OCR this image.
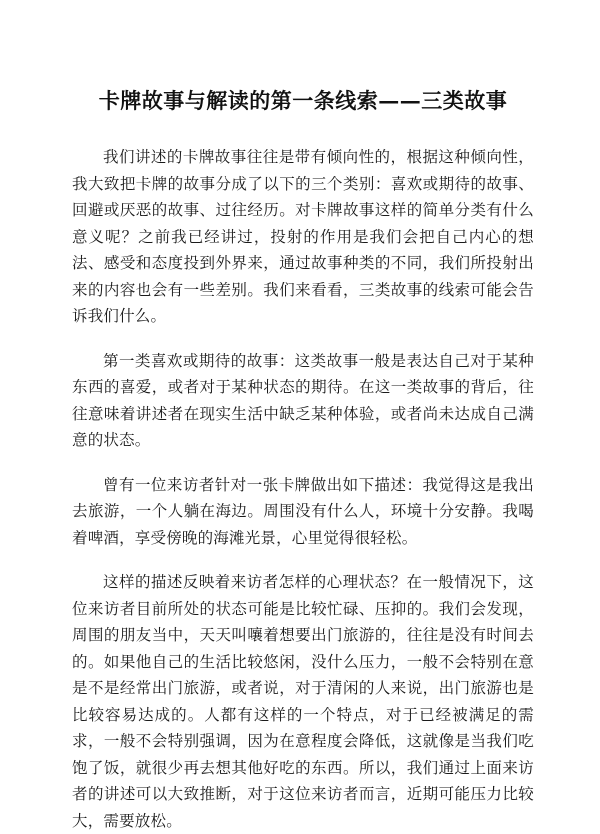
卡牌故事与解读的第一条线索——三类故事

我们讲述的卡牌故事往往是带有倾向性的，根据这种倾向性，我大致把卡牌的故事分成了以下的三个类别：喜欢或期待的故事、回避或厌恶的故事、过往经历。对卡牌故事这样的简单分类有什么意义呢？之前我已经讲过，投射的作用是我们会把自己内心的想法、感受和态度投到外界来，通过故事种类的不同，我们所投射出来的内容也会有一些差别。我们来看看，三类故事的线索可能会告诉我们什么。

第一类喜欢或期待的故事：这类故事一般是表达自己对于某种东西的喜爱，或者对于某种状态的期待。在这一类故事的背后，往往意味着讲述者在现实生活中缺乏某种体验，或者尚未达成自己满意的状态。

曾有一位来访者针对一张卡牌做出如下描述：我觉得这是我出去旅游，一个人躺在海边。周围没有什么人，环境十分安静。我喝着啤酒，享受傍晚的海滩光景，心里觉得很轻松。

这样的描述反映着来访者怎样的心理状态？在一般情况下，这位来访者目前所处的状态可能是比较忙碌、压抑的。我们会发现，周围的朋友当中，天天叫嚷着想要出门旅游的，往往是没有时间去的。如果他自己的生活比较悠闲，没什么压力，一般不会特别在意是不是经常出门旅游，或者说，对于清闲的人来说，出门旅游也是比较容易达成的。人都有这样的一个特点，对于已经被满足的需求，一般不会特别强调，因为在意程度会降低，这就像是当我们吃饱了饭，就很少再去想其他好吃的东西。所以，我们通过上面来访者的讲述可以大致推断，对于这位来访者而言，近期可能压力比较大，需要放松。
